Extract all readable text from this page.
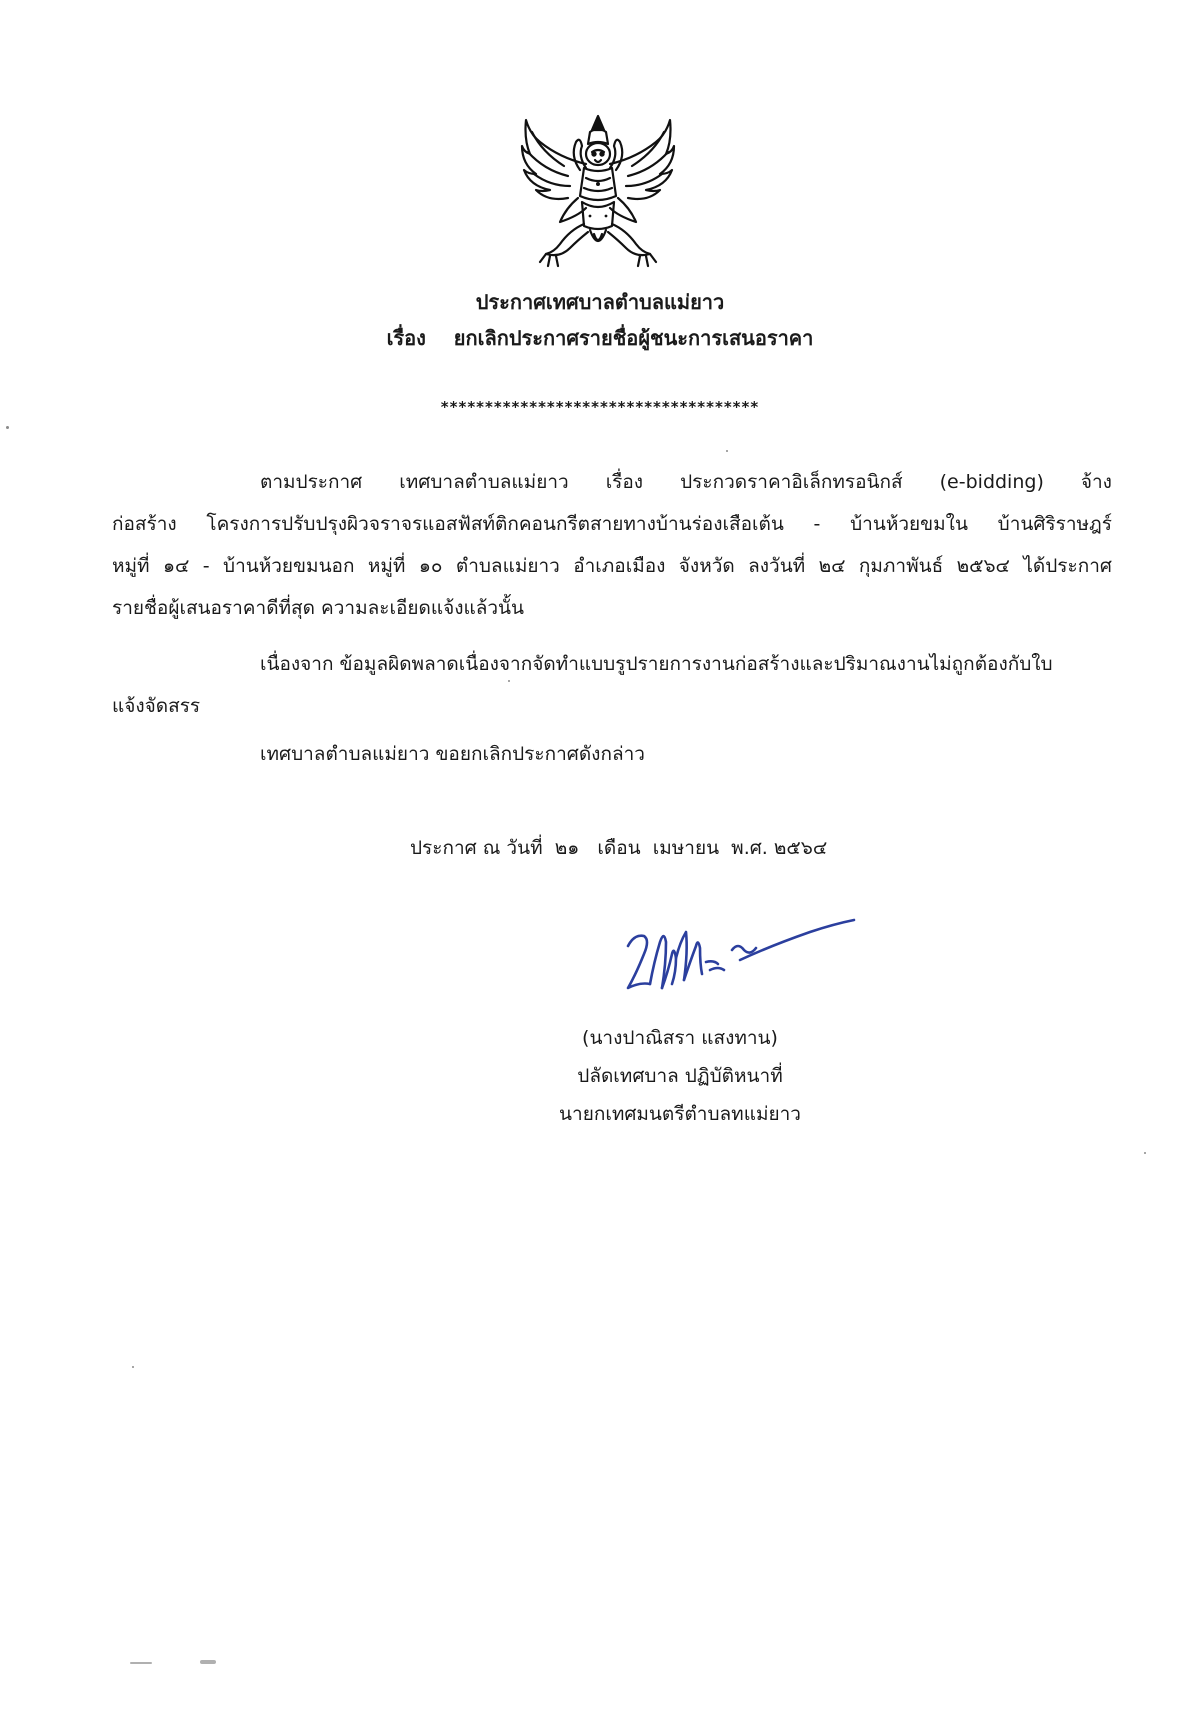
ประกาศเทศบาลตำบลแม่ยาว
เรื่อง ยกเลิกประกาศรายชื่อผู้ชนะการเสนอราคา
************************************
ตามประกาศ เทศบาลตำบลแม่ยาว เรื่อง ประกวดราคาอิเล็กทรอนิกส์ (e-bidding) จ้าง
ก่อสร้าง โครงการปรับปรุงผิวจราจรแอสฟัสท์ติกคอนกรีตสายทางบ้านร่องเสือเต้น - บ้านห้วยขมใน บ้านศิริราษฎร์
หมู่ที่ ๑๔ - บ้านห้วยขมนอก หมู่ที่ ๑๐ ตำบลแม่ยาว อำเภอเมือง จังหวัด ลงวันที่ ๒๔ กุมภาพันธ์ ๒๕๖๔ ได้ประกาศ
รายชื่อผู้เสนอราคาดีที่สุด ความละเอียดแจ้งแล้วนั้น
เนื่องจาก ข้อมูลผิดพลาดเนื่องจากจัดทำแบบรูปรายการงานก่อสร้างและปริมาณงานไม่ถูกต้องกับใบ
แจ้งจัดสรร
เทศบาลตำบลแม่ยาว ขอยกเลิกประกาศดังกล่าว
ประกาศ ณ วันที่ ๒๑ เดือน เมษายน พ.ศ. ๒๕๖๔
(นางปาณิสรา แสงทาน)
ปลัดเทศบาล ปฏิบัติหนาที่
นายกเทศมนตรีตำบลทแม่ยาว
